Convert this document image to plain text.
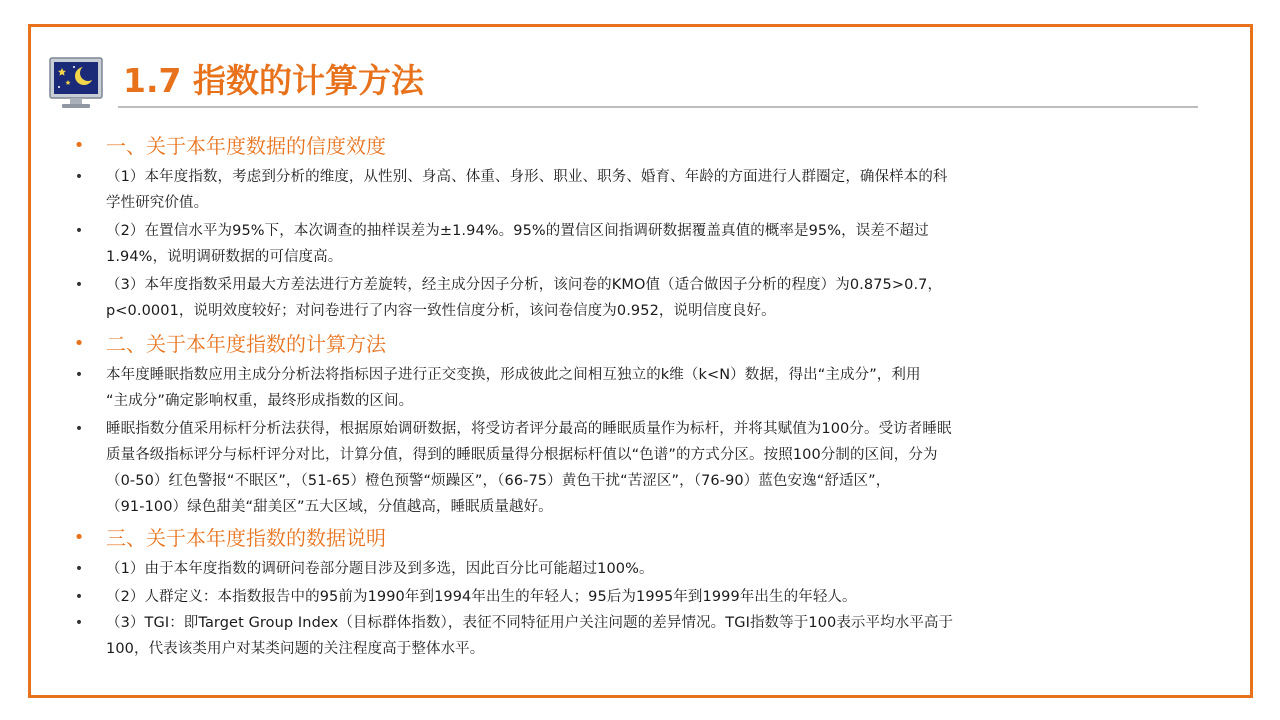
1.7 指数的计算方法
• 一、关于本年度数据的信度效度
• （1）本年度指数，考虑到分析的维度，从性别、身高、体重、身形、职业、职务、婚育、年龄的方面进行人群圈定，确保样本的科
学性研究价值。
• （2）在置信水平为95%下，本次调查的抽样误差为±1.94%。95%的置信区间指调研数据覆盖真值的概率是95%，误差不超过
1.94%，说明调研数据的可信度高。
• （3）本年度指数采用最大方差法进行方差旋转，经主成分因子分析，该问卷的KMO值（适合做因子分析的程度）为0.875>0.7，
p<0.0001，说明效度较好；对问卷进行了内容一致性信度分析，该问卷信度为0.952，说明信度良好。
• 二、关于本年度指数的计算方法
• 本年度睡眠指数应用主成分分析法将指标因子进行正交变换，形成彼此之间相互独立的k维（k<N）数据，得出“主成分”，利用
“主成分”确定影响权重，最终形成指数的区间。
• 睡眠指数分值采用标杆分析法获得，根据原始调研数据，将受访者评分最高的睡眠质量作为标杆，并将其赋值为100分。受访者睡眠
质量各级指标评分与标杆评分对比，计算分值，得到的睡眠质量得分根据标杆值以“色谱”的方式分区。按照100分制的区间，分为
（0-50）红色警报“不眠区”，（51-65）橙色预警“烦躁区”，（66-75）黄色干扰“苦涩区”，（76-90）蓝色安逸“舒适区”，
（91-100）绿色甜美“甜美区”五大区域，分值越高，睡眠质量越好。
• 三、关于本年度指数的数据说明
• （1）由于本年度指数的调研问卷部分题目涉及到多选，因此百分比可能超过100%。
• （2）人群定义：本指数报告中的95前为1990年到1994年出生的年轻人；95后为1995年到1999年出生的年轻人。
• （3）TGI：即Target Group Index（目标群体指数），表征不同特征用户关注问题的差异情况。TGI指数等于100表示平均水平高于
100，代表该类用户对某类问题的关注程度高于整体水平。
